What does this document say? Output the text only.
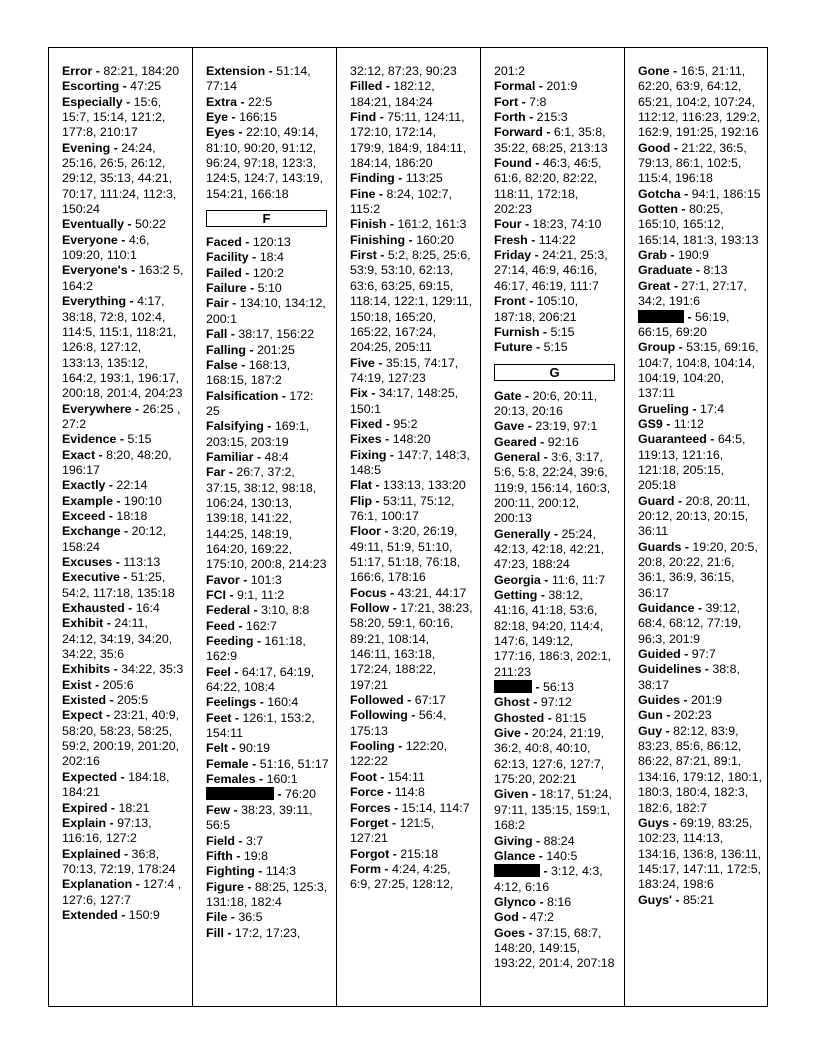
Error - 82:21, 184:20
Escorting - 47:25
Especially - 15:6, 15:7, 15:14, 121:2, 177:8, 210:17
Evening - 24:24, 25:16, 26:5, 26:12, 29:12, 35:13, 44:21, 70:17, 111:24, 112:3, 150:24
Eventually - 50:22
Everyone - 4:6, 109:20, 110:1
Everyone's - 163:2 5, 164:2
Everything - 4:17, 38:18, 72:8, 102:4, 114:5, 115:1, 118:21, 126:8, 127:12, 133:13, 135:12, 164:2, 193:1, 196:17, 200:18, 201:4, 204:23
Everywhere - 26:25 , 27:2
Evidence - 5:15
Exact - 8:20, 48:20, 196:17
Exactly - 22:14
Example - 190:10
Exceed - 18:18
Exchange - 20:12, 158:24
Excuses - 113:13
Executive - 51:25, 54:2, 117:18, 135:18
Exhausted - 16:4
Exhibit - 24:11, 24:12, 34:19, 34:20, 34:22, 35:6
Exhibits - 34:22, 35:3
Exist - 205:6
Existed - 205:5
Expect - 23:21, 40:9, 58:20, 58:23, 58:25, 59:2, 200:19, 201:20, 202:16
Expected - 184:18, 184:21
Expired - 18:21
Explain - 97:13, 116:16, 127:2
Explained - 36:8, 70:13, 72:19, 178:24
Explanation - 127:4 , 127:6, 127:7
Extended - 150:9
Extension - 51:14, 77:14
Extra - 22:5
Eye - 166:15
Eyes - 22:10, 49:14, 81:10, 90:20, 91:12, 96:24, 97:18, 123:3, 124:5, 124:7, 143:19, 154:21, 166:18
F
Faced - 120:13
Facility - 18:4
Failed - 120:2
Failure - 5:10
Fair - 134:10, 134:12, 200:1
Fall - 38:17, 156:22
Falling - 201:25
False - 168:13, 168:15, 187:2
Falsification - 172: 25
Falsifying - 169:1, 203:15, 203:19
Familiar - 48:4
Far - 26:7, 37:2, 37:15, 38:12, 98:18, 106:24, 130:13, 139:18, 141:22, 144:25, 148:19, 164:20, 169:22, 175:10, 200:8, 214:23
Favor - 101:3
FCI - 9:1, 11:2
Federal - 3:10, 8:8
Feed - 162:7
Feeding - 161:18, 162:9
Feel - 64:17, 64:19, 64:22, 108:4
Feelings - 160:4
Feet - 126:1, 153:2, 154:11
Felt - 90:19
Female - 51:16, 51:17
Females - 160:1
- 76:20
Few - 38:23, 39:11, 56:5
Field - 3:7
Fifth - 19:8
Fighting - 114:3
Figure - 88:25, 125:3, 131:18, 182:4
File - 36:5
Fill - 17:2, 17:23,
32:12, 87:23, 90:23
Filled - 182:12, 184:21, 184:24
Find - 75:11, 124:11, 172:10, 172:14, 179:9, 184:9, 184:11, 184:14, 186:20
Finding - 113:25
Fine - 8:24, 102:7, 115:2
Finish - 161:2, 161:3
Finishing - 160:20
First - 5:2, 8:25, 25:6, 53:9, 53:10, 62:13, 63:6, 63:25, 69:15, 118:14, 122:1, 129:11, 150:18, 165:20, 165:22, 167:24, 204:25, 205:11
Five - 35:15, 74:17, 74:19, 127:23
Fix - 34:17, 148:25, 150:1
Fixed - 95:2
Fixes - 148:20
Fixing - 147:7, 148:3, 148:5
Flat - 133:13, 133:20
Flip - 53:11, 75:12, 76:1, 100:17
Floor - 3:20, 26:19, 49:11, 51:9, 51:10, 51:17, 51:18, 76:18, 166:6, 178:16
Focus - 43:21, 44:17
Follow - 17:21, 38:23, 58:20, 59:1, 60:16, 89:21, 108:14, 146:11, 163:18, 172:24, 188:22, 197:21
Followed - 67:17
Following - 56:4, 175:13
Fooling - 122:20, 122:22
Foot - 154:11
Force - 114:8
Forces - 15:14, 114:7
Forget - 121:5, 127:21
Forgot - 215:18
Form - 4:24, 4:25, 6:9, 27:25, 128:12,
201:2
Formal - 201:9
Fort - 7:8
Forth - 215:3
Forward - 6:1, 35:8, 35:22, 68:25, 213:13
Found - 46:3, 46:5, 61:6, 82:20, 82:22, 118:11, 172:18, 202:23
Four - 18:23, 74:10
Fresh - 114:22
Friday - 24:21, 25:3, 27:14, 46:9, 46:16, 46:17, 46:19, 111:7
Front - 105:10, 187:18, 206:21
Furnish - 5:15
Future - 5:15
G
Gate - 20:6, 20:11, 20:13, 20:16
Gave - 23:19, 97:1
Geared - 92:16
General - 3:6, 3:17, 5:6, 5:8, 22:24, 39:6, 119:9, 156:14, 160:3, 200:11, 200:12, 200:13
Generally - 25:24, 42:13, 42:18, 42:21, 47:23, 188:24
Georgia - 11:6, 11:7
Getting - 38:12, 41:16, 41:18, 53:6, 82:18, 94:20, 114:4, 147:6, 149:12, 177:16, 186:3, 202:1, 211:23
- 56:13
Ghost - 97:12
Ghosted - 81:15
Give - 20:24, 21:19, 36:2, 40:8, 40:10, 62:13, 127:6, 127:7, 175:20, 202:21
Given - 18:17, 51:24, 97:11, 135:15, 159:1, 168:2
Giving - 88:24
Glance - 140:5
- 3:12, 4:3, 4:12, 6:16
Glynco - 8:16
God - 47:2
Goes - 37:15, 68:7, 148:20, 149:15, 193:22, 201:4, 207:18
Gone - 16:5, 21:11, 62:20, 63:9, 64:12, 65:21, 104:2, 107:24, 112:12, 116:23, 129:2, 162:9, 191:25, 192:16
Good - 21:22, 36:5, 79:13, 86:1, 102:5, 115:4, 196:18
Gotcha - 94:1, 186:15
Gotten - 80:25, 165:10, 165:12, 165:14, 181:3, 193:13
Grab - 190:9
Graduate - 8:13
Great - 27:1, 27:17, 34:2, 191:6
- 56:19, 66:15, 69:20
Group - 53:15, 69:16, 104:7, 104:8, 104:14, 104:19, 104:20, 137:11
Grueling - 17:4
GS9 - 11:12
Guaranteed - 64:5, 119:13, 121:16, 121:18, 205:15, 205:18
Guard - 20:8, 20:11, 20:12, 20:13, 20:15, 36:11
Guards - 19:20, 20:5, 20:8, 20:22, 21:6, 36:1, 36:9, 36:15, 36:17
Guidance - 39:12, 68:4, 68:12, 77:19, 96:3, 201:9
Guided - 97:7
Guidelines - 38:8, 38:17
Guides - 201:9
Gun - 202:23
Guy - 82:12, 83:9, 83:23, 85:6, 86:12, 86:22, 87:21, 89:1, 134:16, 179:12, 180:1, 180:3, 180:4, 182:3, 182:6, 182:7
Guys - 69:19, 83:25, 102:23, 114:13, 134:16, 136:8, 136:11, 145:17, 147:11, 172:5, 183:24, 198:6
Guys' - 85:21
